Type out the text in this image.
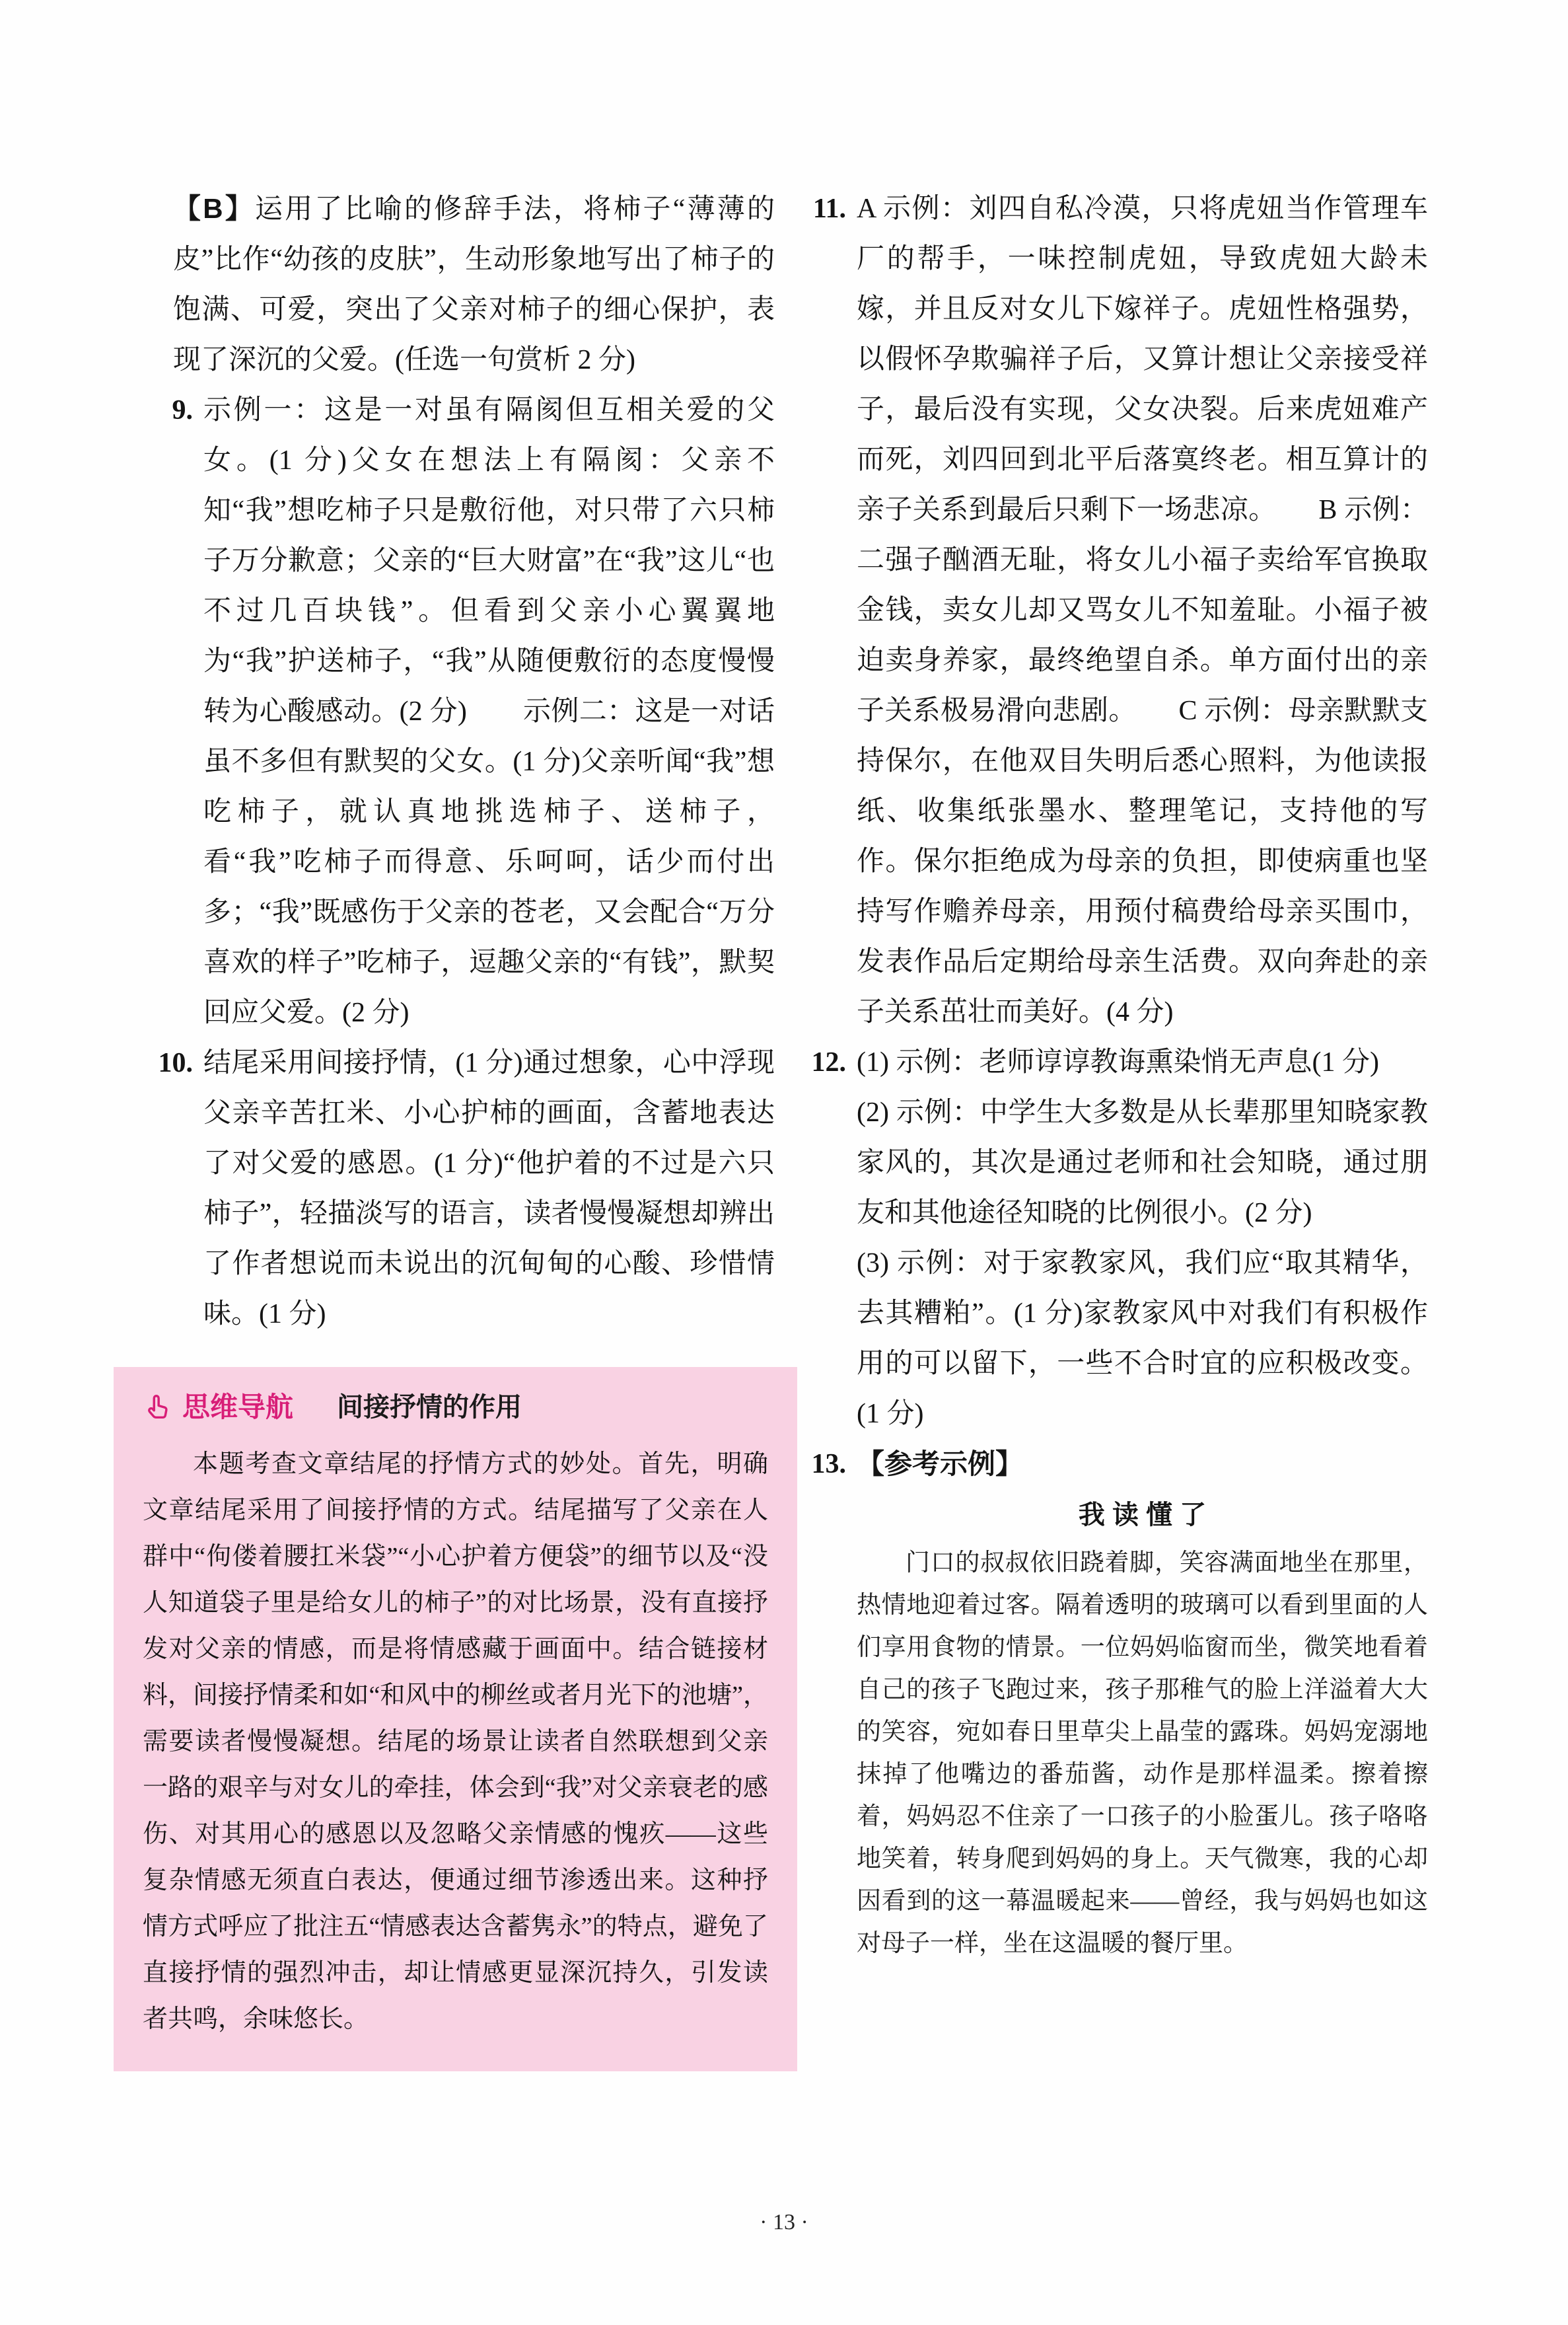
【B】运用了比喻的修辞手法，将柿子“薄薄的皮”比作“幼孩的皮肤”，生动形象地写出了柿子的饱满、可爱，突出了父亲对柿子的细心保护，表现了深沉的父爱。(任选一句赏析 2 分)
9. 示例一：这是一对虽有隔阂但互相关爱的父女。(1 分)父女在想法上有隔阂：父亲不知“我”想吃柿子只是敷衍他，对只带了六只柿子万分歉意；父亲的“巨大财富”在“我”这儿“也不过几百块钱”。但看到父亲小心翼翼地为“我”护送柿子，“我”从随便敷衍的态度慢慢转为心酸感动。(2 分)　　示例二：这是一对话虽不多但有默契的父女。(1 分)父亲听闻“我”想吃柿子，就认真地挑选柿子、送柿子，看“我”吃柿子而得意、乐呵呵，话少而付出多；“我”既感伤于父亲的苍老，又会配合“万分喜欢的样子”吃柿子，逗趣父亲的“有钱”，默契回应父爱。(2 分)
10. 结尾采用间接抒情，(1 分)通过想象，心中浮现父亲辛苦扛米、小心护柿的画面，含蓄地表达了对父爱的感恩。(1 分)“他护着的不过是六只柿子”，轻描淡写的语言，读者慢慢凝想却辨出了作者想说而未说出的沉甸甸的心酸、珍惜情味。(1 分)
思维导航 间接抒情的作用
本题考查文章结尾的抒情方式的妙处。首先，明确文章结尾采用了间接抒情的方式。结尾描写了父亲在人群中“佝偻着腰扛米袋”“小心护着方便袋”的细节以及“没人知道袋子里是给女儿的柿子”的对比场景，没有直接抒发对父亲的情感，而是将情感藏于画面中。结合链接材料，间接抒情柔和如“和风中的柳丝或者月光下的池塘”，需要读者慢慢凝想。结尾的场景让读者自然联想到父亲一路的艰辛与对女儿的牵挂，体会到“我”对父亲衰老的感伤、对其用心的感恩以及忽略父亲情感的愧疚——这些复杂情感无须直白表达，便通过细节渗透出来。这种抒情方式呼应了批注五“情感表达含蓄隽永”的特点，避免了直接抒情的强烈冲击，却让情感更显深沉持久，引发读者共鸣，余味悠长。
11. A 示例：刘四自私冷漠，只将虎妞当作管理车厂的帮手，一味控制虎妞，导致虎妞大龄未嫁，并且反对女儿下嫁祥子。虎妞性格强势，以假怀孕欺骗祥子后，又算计想让父亲接受祥子，最后没有实现，父女决裂。后来虎妞难产而死，刘四回到北平后落寞终老。相互算计的亲子关系到最后只剩下一场悲凉。　　B 示例：二强子酗酒无耻，将女儿小福子卖给军官换取金钱，卖女儿却又骂女儿不知羞耻。小福子被迫卖身养家，最终绝望自杀。单方面付出的亲子关系极易滑向悲剧。　　C 示例：母亲默默支持保尔，在他双目失明后悉心照料，为他读报纸、收集纸张墨水、整理笔记，支持他的写作。保尔拒绝成为母亲的负担，即使病重也坚持写作赡养母亲，用预付稿费给母亲买围巾，发表作品后定期给母亲生活费。双向奔赴的亲子关系茁壮而美好。(4 分)
12. (1) 示例：老师谆谆教诲熏染悄无声息(1 分)

(2) 示例：中学生大多数是从长辈那里知晓家教家风的，其次是通过老师和社会知晓，通过朋友和其他途径知晓的比例很小。(2 分)

(3) 示例：对于家教家风，我们应“取其精华，去其糟粕”。(1 分)家教家风中对我们有积极作用的可以留下，一些不合时宜的应积极改变。(1 分)

13. 【参考示例】
我 读 懂 了
门口的叔叔依旧跷着脚，笑容满面地坐在那里，热情地迎着过客。隔着透明的玻璃可以看到里面的人们享用食物的情景。一位妈妈临窗而坐，微笑地看着自己的孩子飞跑过来，孩子那稚气的脸上洋溢着大大的笑容，宛如春日里草尖上晶莹的露珠。妈妈宠溺地抹掉了他嘴边的番茄酱，动作是那样温柔。擦着擦着，妈妈忍不住亲了一口孩子的小脸蛋儿。孩子咯咯地笑着，转身爬到妈妈的身上。天气微寒，我的心却因看到的这一幕温暖起来——曾经，我与妈妈也如这对母子一样，坐在这温暖的餐厅里。
· 13 ·
